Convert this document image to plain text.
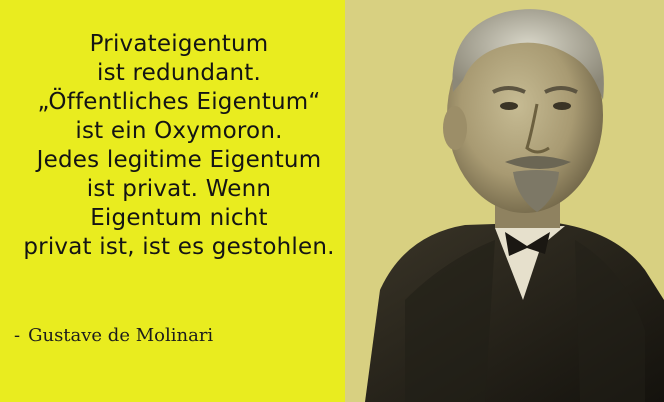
Privateigentum
ist redundant.
„Öffentliches Eigentum“
ist ein Oxymoron.
Jedes legitime Eigentum
ist privat. Wenn
Eigentum nicht
privat ist, ist es gestohlen.
- Gustave de Molinari
